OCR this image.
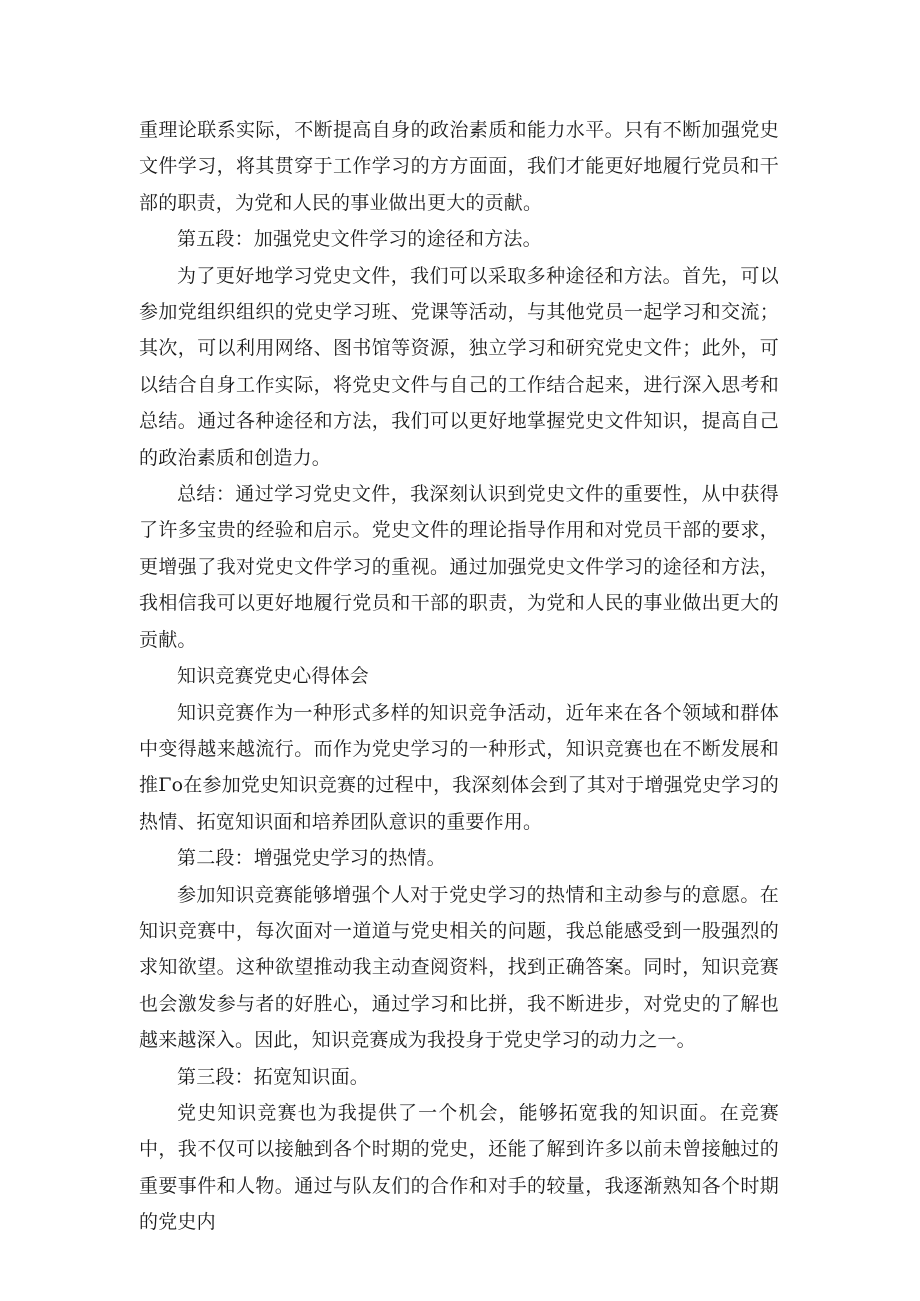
重理论联系实际，不断提高自身的政治素质和能力水平。只有不断加强党史文件学习，将其贯穿于工作学习的方方面面，我们才能更好地履行党员和干部的职责，为党和人民的事业做出更大的贡献。

第五段：加强党史文件学习的途径和方法。

为了更好地学习党史文件，我们可以采取多种途径和方法。首先，可以参加党组织组织的党史学习班、党课等活动，与其他党员一起学习和交流；其次，可以利用网络、图书馆等资源，独立学习和研究党史文件；此外，可以结合自身工作实际，将党史文件与自己的工作结合起来，进行深入思考和总结。通过各种途径和方法，我们可以更好地掌握党史文件知识，提高自己的政治素质和创造力。

总结：通过学习党史文件，我深刻认识到党史文件的重要性，从中获得了许多宝贵的经验和启示。党史文件的理论指导作用和对党员干部的要求，更增强了我对党史文件学习的重视。通过加强党史文件学习的途径和方法，我相信我可以更好地履行党员和干部的职责，为党和人民的事业做出更大的贡献。

知识竞赛党史心得体会

知识竞赛作为一种形式多样的知识竞争活动，近年来在各个领域和群体中变得越来越流行。而作为党史学习的一种形式，知识竞赛也在不断发展和推Γo在参加党史知识竞赛的过程中，我深刻体会到了其对于增强党史学习的热情、拓宽知识面和培养团队意识的重要作用。

第二段：增强党史学习的热情。

参加知识竞赛能够增强个人对于党史学习的热情和主动参与的意愿。在知识竞赛中，每次面对一道道与党史相关的问题，我总能感受到一股强烈的求知欲望。这种欲望推动我主动查阅资料，找到正确答案。同时，知识竞赛也会激发参与者的好胜心，通过学习和比拼，我不断进步，对党史的了解也越来越深入。因此，知识竞赛成为我投身于党史学习的动力之一。

第三段：拓宽知识面。

党史知识竞赛也为我提供了一个机会，能够拓宽我的知识面。在竞赛中，我不仅可以接触到各个时期的党史，还能了解到许多以前未曾接触过的重要事件和人物。通过与队友们的合作和对手的较量，我逐渐熟知各个时期的党史内
